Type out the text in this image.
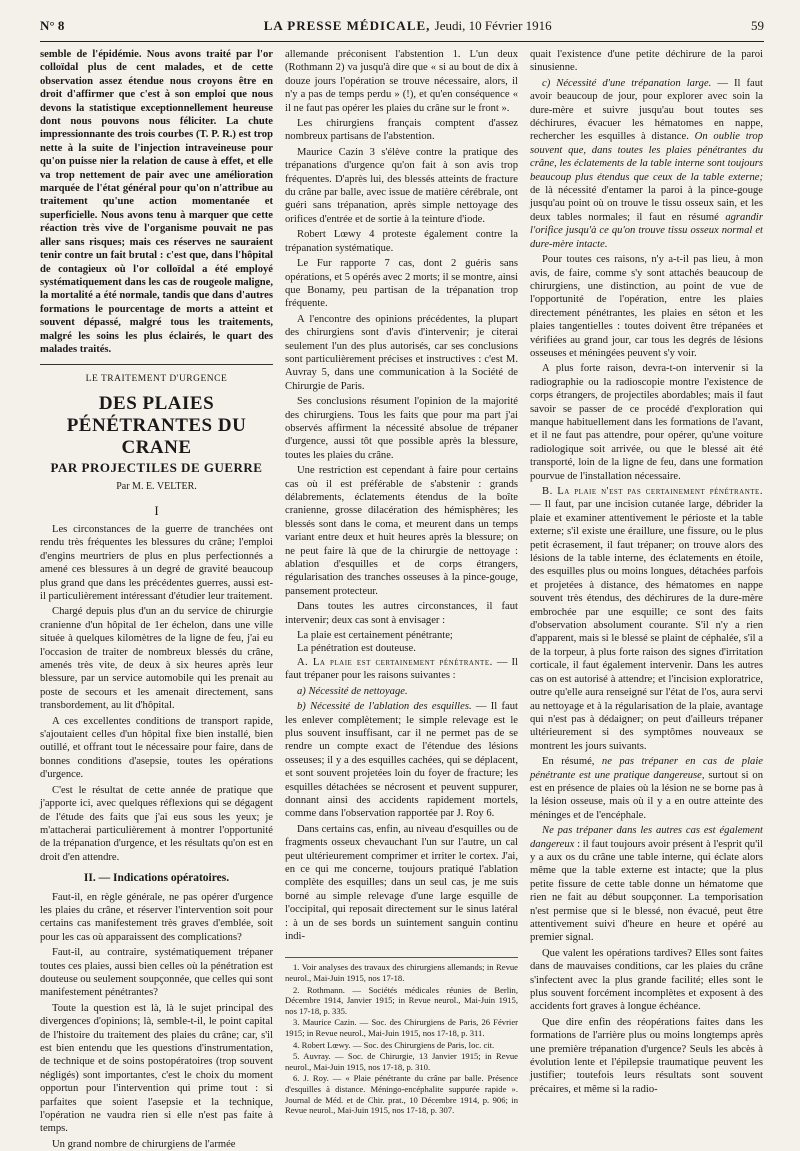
N° 8	LA PRESSE MÉDICALE, Jeudi, 10 Février 1916	59

semble de l'épidémie. Nous avons traité par l'or colloïdal plus de cent malades, et de cette observation assez étendue nous croyons être en droit d'affirmer que c'est à son emploi que nous devons la statistique exceptionnellement heureuse dont nous pouvons nous féliciter. La chute impressionnante des trois courbes (T. P. R.) est trop nette à la suite de l'injection intraveineuse pour qu'on puisse nier la relation de cause à effet, et elle va trop nettement de pair avec une amélioration marquée de l'état général pour qu'on n'attribue au traitement qu'une action momentanée et superficielle. Nous avons tenu à marquer que cette réaction très vive de l'organisme pouvait ne pas aller sans risques; mais ces réserves ne sauraient tenir contre un fait brutal : c'est que, dans l'hôpital de contagieux où l'or colloïdal a été employé systématiquement dans les cas de rougeole maligne, la mortalité a été normale, tandis que dans d'autres formations le pourcentage de morts a atteint et souvent dépassé, malgré tous les traitements, malgré les soins les plus éclairés, le quart des malades traités.

LE TRAITEMENT D'URGENCE
DES PLAIES PÉNÉTRANTES DU CRANE
PAR PROJECTILES DE GUERRE
Par M. E. VELTER.
I

Les circonstances de la guerre de tranchées ont rendu très fréquentes les blessures du crâne; l'emploi d'engins meurtriers de plus en plus perfectionnés a amené ces blessures à un degré de gravité beaucoup plus grand que dans les précédentes guerres, aussi est-il particulièrement intéressant d'étudier leur traitement.

Chargé depuis plus d'un an du service de chirurgie cranienne d'un hôpital de 1er échelon, dans une ville située à quelques kilomètres de la ligne de feu, j'ai eu l'occasion de traiter de nombreux blessés du crâne, amenés très vite, de deux à six heures après leur blessure, par un service automobile qui les prenait au poste de secours et les amenait directement, sans transbordement, au lit d'hôpital.

A ces excellentes conditions de transport rapide, s'ajoutaient celles d'un hôpital fixe bien installé, bien outillé, et offrant tout le nécessaire pour faire, dans de bonnes conditions d'asepsie, toutes les opérations d'urgence.

C'est le résultat de cette année de pratique que j'apporte ici, avec quelques réflexions qui se dégagent de l'étude des faits que j'ai eus sous les yeux; je m'attacherai particulièrement à montrer l'opportunité de la trépanation d'urgence, et les résultats qu'on est en droit d'en attendre.

II. — Indications opératoires.

Faut-il, en règle générale, ne pas opérer d'urgence les plaies du crâne, et réserver l'intervention soit pour certains cas manifestement très graves d'emblée, soit pour les cas où apparaissent des complications?

Faut-il, au contraire, systématiquement trépaner toutes ces plaies, aussi bien celles où la pénétration est douteuse ou seulement soupçonnée, que celles qui sont manifestement pénétrantes?

Toute la question est là, là le sujet principal des divergences d'opinions; là, semble-t-il, le point capital de l'histoire du traitement des plaies du crâne; car, s'il est bien entendu que les questions d'instrumentation, de technique et de soins postopératoires (trop souvent négligés) sont importantes, c'est le choix du moment opportun pour l'intervention qui prime tout : si parfaites que soient l'asepsie et la technique, l'opération ne vaudra rien si elle n'est pas faite à temps.

Un grand nombre de chirurgiens de l'armée

allemande préconisent l'abstention 1. L'un deux (Rothmann 2) va jusqu'à dire que « si au bout de dix à douze jours l'opération se trouve nécessaire, alors, il n'y a pas de temps perdu » (!), et qu'en conséquence « il ne faut pas opérer les plaies du crâne sur le front ».

Les chirurgiens français comptent d'assez nombreux partisans de l'abstention.

Maurice Cazin 3 s'élève contre la pratique des trépanations d'urgence qu'on fait à son avis trop fréquentes. D'après lui, des blessés atteints de fracture du crâne par balle, avec issue de matière cérébrale, ont guéri sans trépanation, après simple nettoyage des orifices d'entrée et de sortie à la teinture d'iode.

Robert Lœwy 4 proteste également contre la trépanation systématique.

Le Fur rapporte 7 cas, dont 2 guéris sans opérations, et 5 opérés avec 2 morts; il se montre, ainsi que Bonamy, peu partisan de la trépanation trop fréquente.

A l'encontre des opinions précédentes, la plupart des chirurgiens sont d'avis d'intervenir; je citerai seulement l'un des plus autorisés, car ses conclusions sont particulièrement précises et instructives : c'est M. Auvray 5, dans une communication à la Société de Chirurgie de Paris.

Ses conclusions résument l'opinion de la majorité des chirurgiens. Tous les faits que pour ma part j'ai observés affirment la nécessité absolue de trépaner d'urgence, aussi tôt que possible après la blessure, toutes les plaies du crâne.

Une restriction est cependant à faire pour certains cas où il est préférable de s'abstenir : grands délabrements, éclatements étendus de la boîte cranienne, grosse dilacération des hémisphères; les blessés sont dans le coma, et meurent dans un temps variant entre deux et huit heures après la blessure; on ne peut faire là que de la chirurgie de nettoyage : ablation d'esquilles et de corps étrangers, régularisation des tranches osseuses à la pince-gouge, pansement protecteur.

Dans toutes les autres circonstances, il faut intervenir; deux cas sont à envisager :

La plaie est certainement pénétrante;

La pénétration est douteuse.

A. La plaie est certainement pénétrante. — Il faut trépaner pour les raisons suivantes :

a) Nécessité de nettoyage.

b) Nécessité de l'ablation des esquilles. — Il faut les enlever complètement; le simple relevage est le plus souvent insuffisant, car il ne permet pas de se rendre un compte exact de l'étendue des lésions osseuses; il y a des esquilles cachées, qui se déplacent, et sont souvent projetées loin du foyer de fracture; les esquilles détachées se nécrosent et peuvent suppurer, donnant ainsi des accidents rapidement mortels, comme dans l'observation rapportée par J. Roy 6.

Dans certains cas, enfin, au niveau d'esquilles ou de fragments osseux chevauchant l'un sur l'autre, un cal peut ultérieurement comprimer et irriter le cortex. J'ai, en ce qui me concerne, toujours pratiqué l'ablation complète des esquilles; dans un seul cas, je me suis borné au simple relevage d'une large esquille de l'occipital, qui reposait directement sur le sinus latéral : à un de ses bords un suintement sanguin continu indi-

1. Voir analyses des travaux des chirurgiens allemands; in Revue neurol., Mai-Juin 1915, nos 17-18.

2. Rothmann. — Sociétés médicales réunies de Berlin, Décembre 1914, Janvier 1915; in Revue neurol., Mai-Juin 1915, nos 17-18, p. 335.

3. Maurice Cazin. — Soc. des Chirurgiens de Paris, 26 Février 1915; in Revue neurol., Mai-Juin 1915, nos 17-18, p. 311.

4. Robert Lœwy. — Soc. des Chirurgiens de Paris, loc. cit.

5. Auvray. — Soc. de Chirurgie, 13 Janvier 1915; in Revue neurol., Mai-Juin 1915, nos 17-18, p. 310.

6. J. Roy. — « Plaie pénétrante du crâne par balle. Présence d'esquilles à distance. Méningo-encéphalite suppurée rapide ». Journal de Méd. et de Chir. prat., 10 Décembre 1914, p. 906; in Revue neurol., Mai-Juin 1915, nos 17-18, p. 307.

quait l'existence d'une petite déchirure de la paroi sinusienne.

c) Nécessité d'une trépanation large. — Il faut avoir beaucoup de jour, pour explorer avec soin la dure-mère et suivre jusqu'au bout toutes ses déchirures, évacuer les hématomes en nappe, rechercher les esquilles à distance. On oublie trop souvent que, dans toutes les plaies pénétrantes du crâne, les éclatements de la table interne sont toujours beaucoup plus étendus que ceux de la table externe; de là nécessité d'entamer la paroi à la pince-gouge jusqu'au point où on trouve le tissu osseux sain, et les deux tables normales; il faut en résumé agrandir l'orifice jusqu'à ce qu'on trouve tissu osseux normal et dure-mère intacte.

Pour toutes ces raisons, n'y a-t-il pas lieu, à mon avis, de faire, comme s'y sont attachés beaucoup de chirurgiens, une distinction, au point de vue de l'opportunité de l'opération, entre les plaies directement pénétrantes, les plaies en séton et les plaies tangentielles : toutes doivent être trépanées et vérifiées au grand jour, car tous les degrés de lésions osseuses et méningées peuvent s'y voir.

A plus forte raison, devra-t-on intervenir si la radiographie ou la radioscopie montre l'existence de corps étrangers, de projectiles abordables; mais il faut savoir se passer de ce procédé d'exploration qui manque habituellement dans les formations de l'avant, et il ne faut pas attendre, pour opérer, qu'une voiture radiologique soit arrivée, ou que le blessé ait été transporté, loin de la ligne de feu, dans une formation pourvue de l'installation nécessaire.

B. La plaie n'est pas certainement pénétrante. — Il faut, par une incision cutanée large, débrider la plaie et examiner attentivement le périoste et la table externe; s'il existe une éraillure, une fissure, ou le plus petit écrasement, il faut trépaner; on trouve alors des lésions de la table interne, des éclatements en étoile, des esquilles plus ou moins longues, détachées parfois et projetées à distance, des hématomes en nappe souvent très étendus, des déchirures de la dure-mère embrochée par une esquille; ce sont des faits d'observation absolument courante. S'il n'y a rien d'apparent, mais si le blessé se plaint de céphalée, s'il a de la torpeur, à plus forte raison des signes d'irritation corticale, il faut également intervenir. Dans les autres cas on est autorisé à attendre; et l'incision exploratrice, outre qu'elle aura renseigné sur l'état de l'os, aura servi au nettoyage et à la régularisation de la plaie, avantage qui n'est pas à dédaigner; on peut d'ailleurs trépaner ultérieurement si des symptômes nouveaux se montrent les jours suivants.

En résumé, ne pas trépaner en cas de plaie pénétrante est une pratique dangereuse, surtout si on est en présence de plaies où la lésion ne se borne pas à la lésion osseuse, mais où il y a en outre atteinte des méninges et de l'encéphale.

Ne pas trépaner dans les autres cas est également dangereux : il faut toujours avoir présent à l'esprit qu'il y a aux os du crâne une table interne, qui éclate alors même que la table externe est intacte; que la plus petite fissure de cette table donne un hématome que rien ne fait au début soupçonner. La temporisation n'est permise que si le blessé, non évacué, peut être attentivement suivi d'heure en heure et opéré au premier signal.

Que valent les opérations tardives? Elles sont faites dans de mauvaises conditions, car les plaies du crâne s'infectent avec la plus grande facilité; elles sont le plus souvent forcément incomplètes et exposent à des accidents fort graves à longue échéance.

Que dire enfin des réopérations faites dans les formations de l'arrière plus ou moins longtemps après une première trépanation d'urgence? Seuls les abcès à évolution lente et l'épilepsie traumatique peuvent les justifier; toutefois leurs résultats sont souvent précaires, et même si la radio-
